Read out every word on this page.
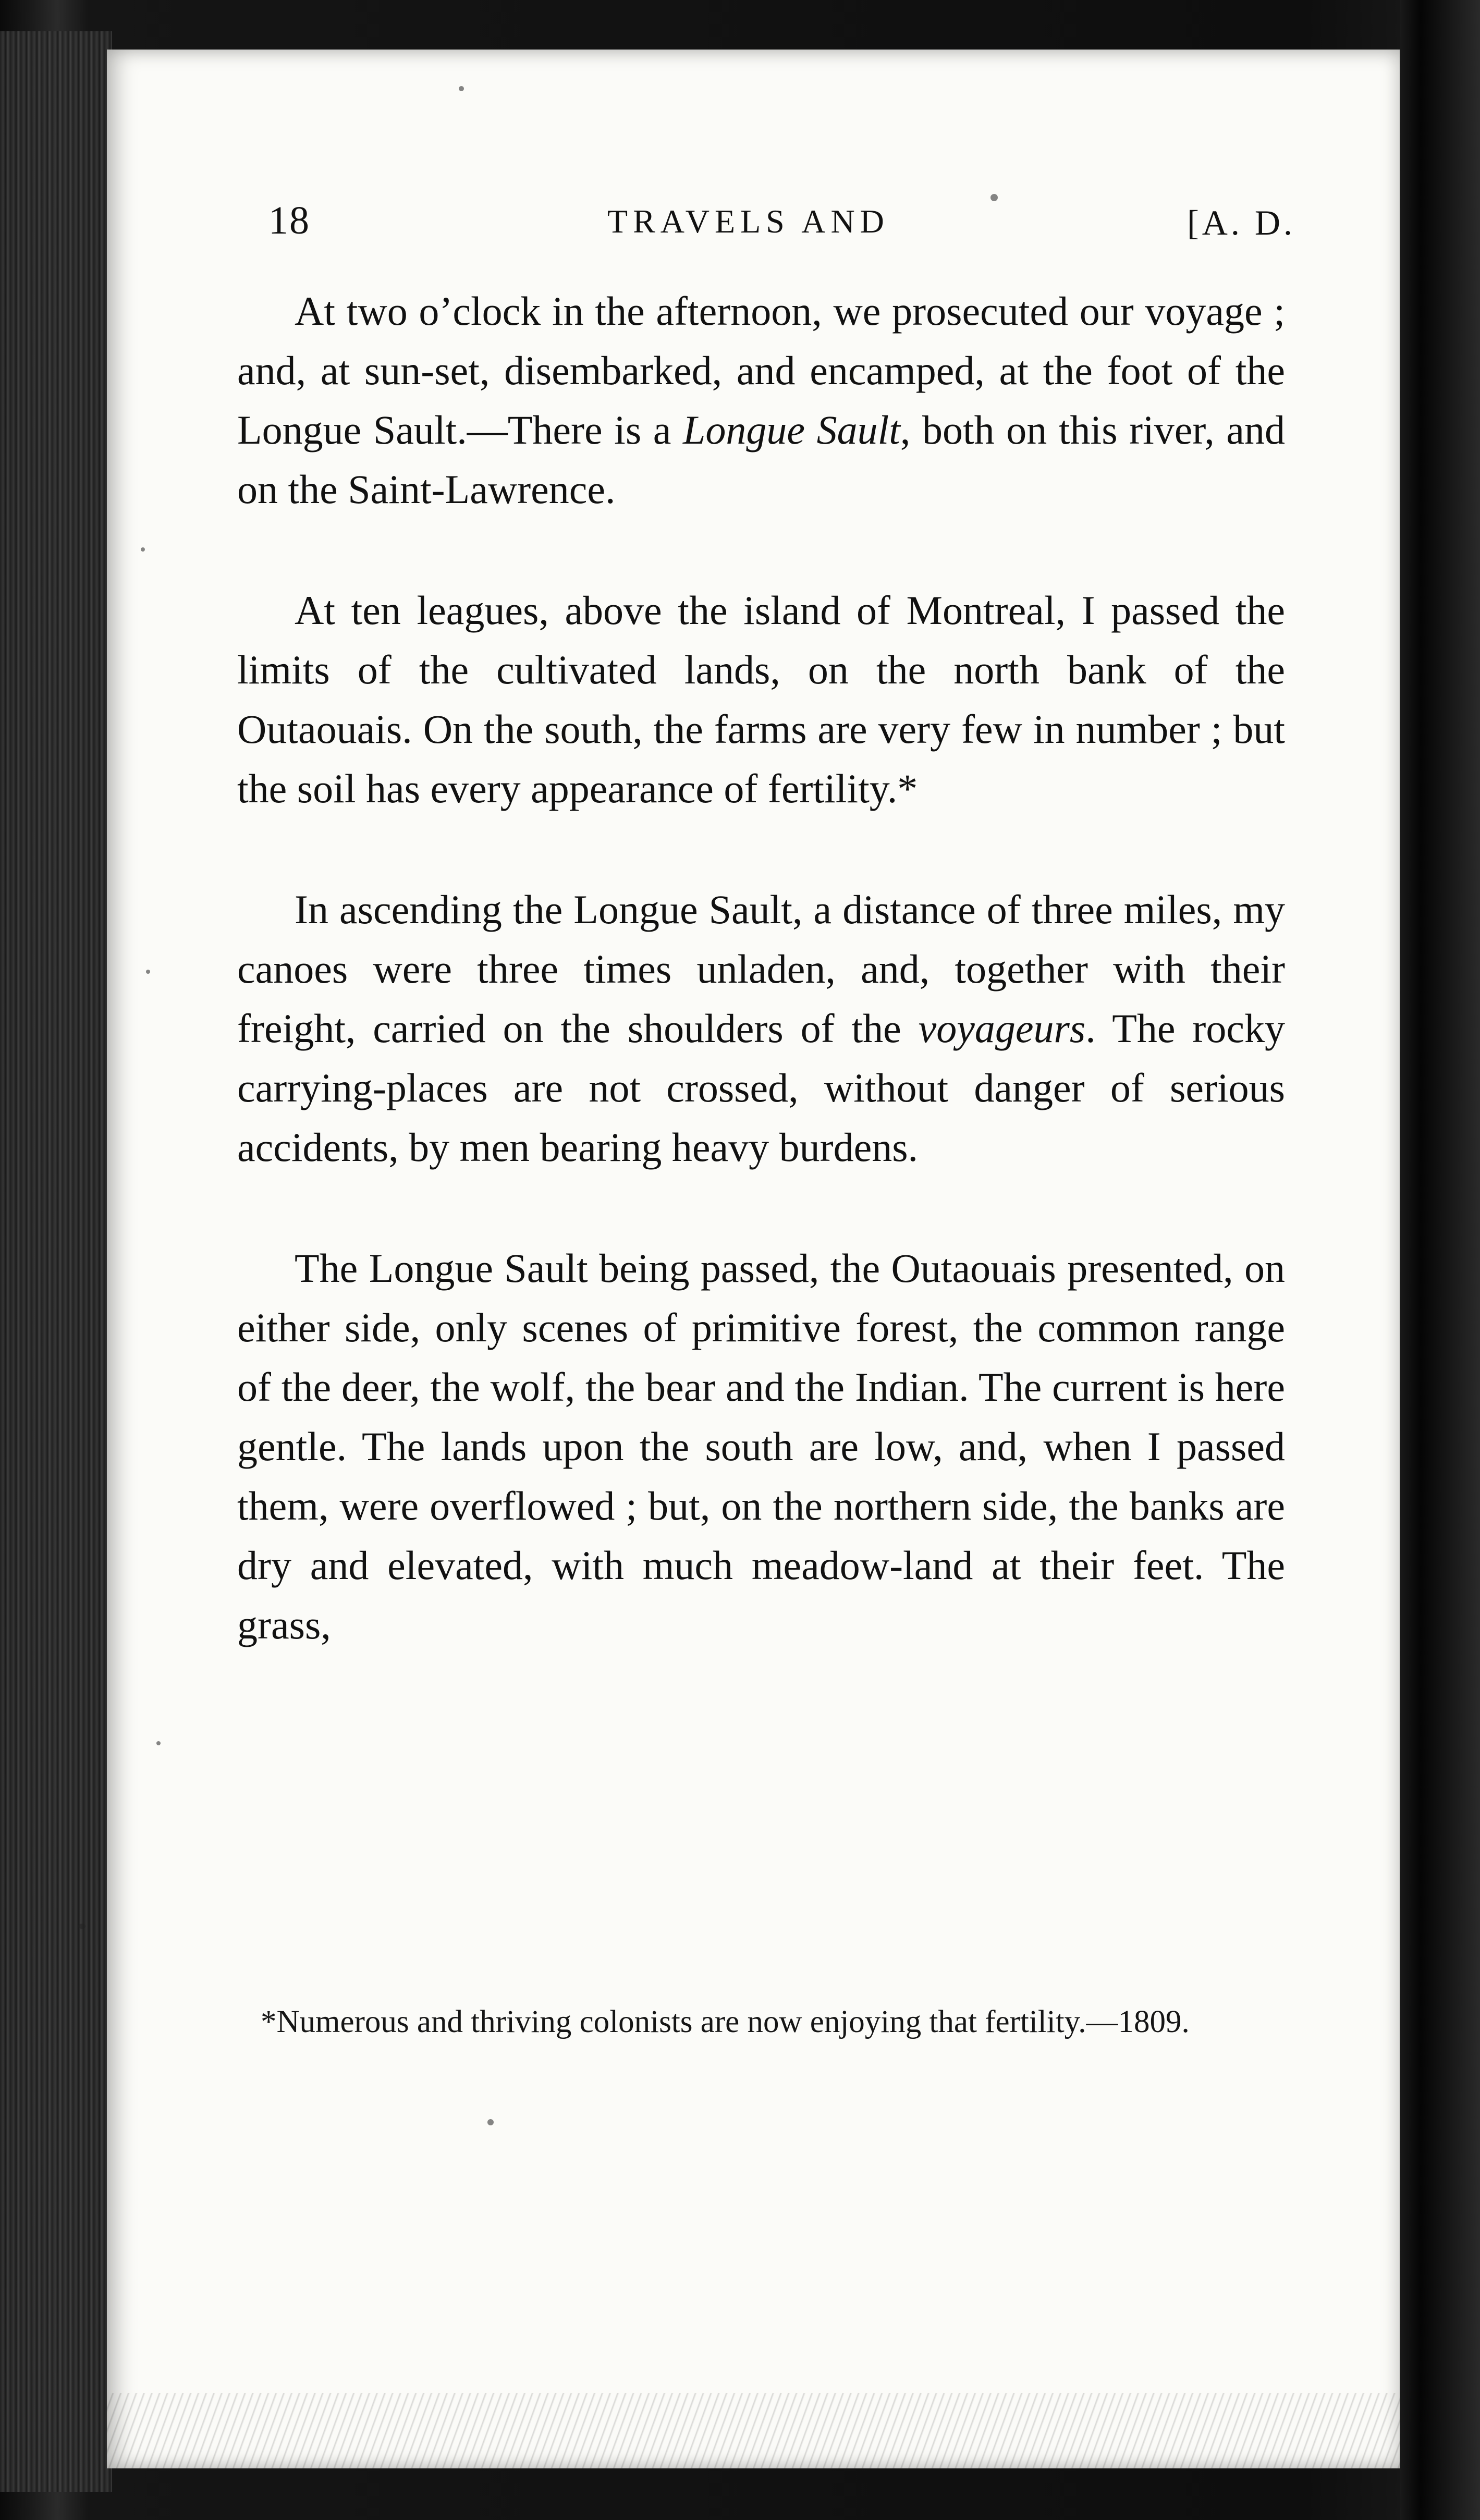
18	TRAVELS AND	[A. D.

At two o’clock in the afternoon, we prosecuted our voyage ; and, at sun-set, disembarked, and encamped, at the foot of the Longue Sault.—There is a Longue Sault, both on this river, and on the Saint-Lawrence.

At ten leagues, above the island of Montreal, I passed the limits of the cultivated lands, on the north bank of the Outaouais. On the south, the farms are very few in number ; but the soil has every appearance of fertility.*

In ascending the Longue Sault, a distance of three miles, my canoes were three times unladen, and, together with their freight, carried on the shoulders of the voyageurs. The rocky carrying-places are not crossed, without danger of serious accidents, by men bearing heavy burdens.

The Longue Sault being passed, the Outaouais presented, on either side, only scenes of primitive forest, the common range of the deer, the wolf, the bear and the Indian. The current is here gentle. The lands upon the south are low, and, when I passed them, were overflowed ; but, on the northern side, the banks are dry and elevated, with much meadow-land at their feet. The grass,

*Numerous and thriving colonists are now enjoying that fertility.—1809.
